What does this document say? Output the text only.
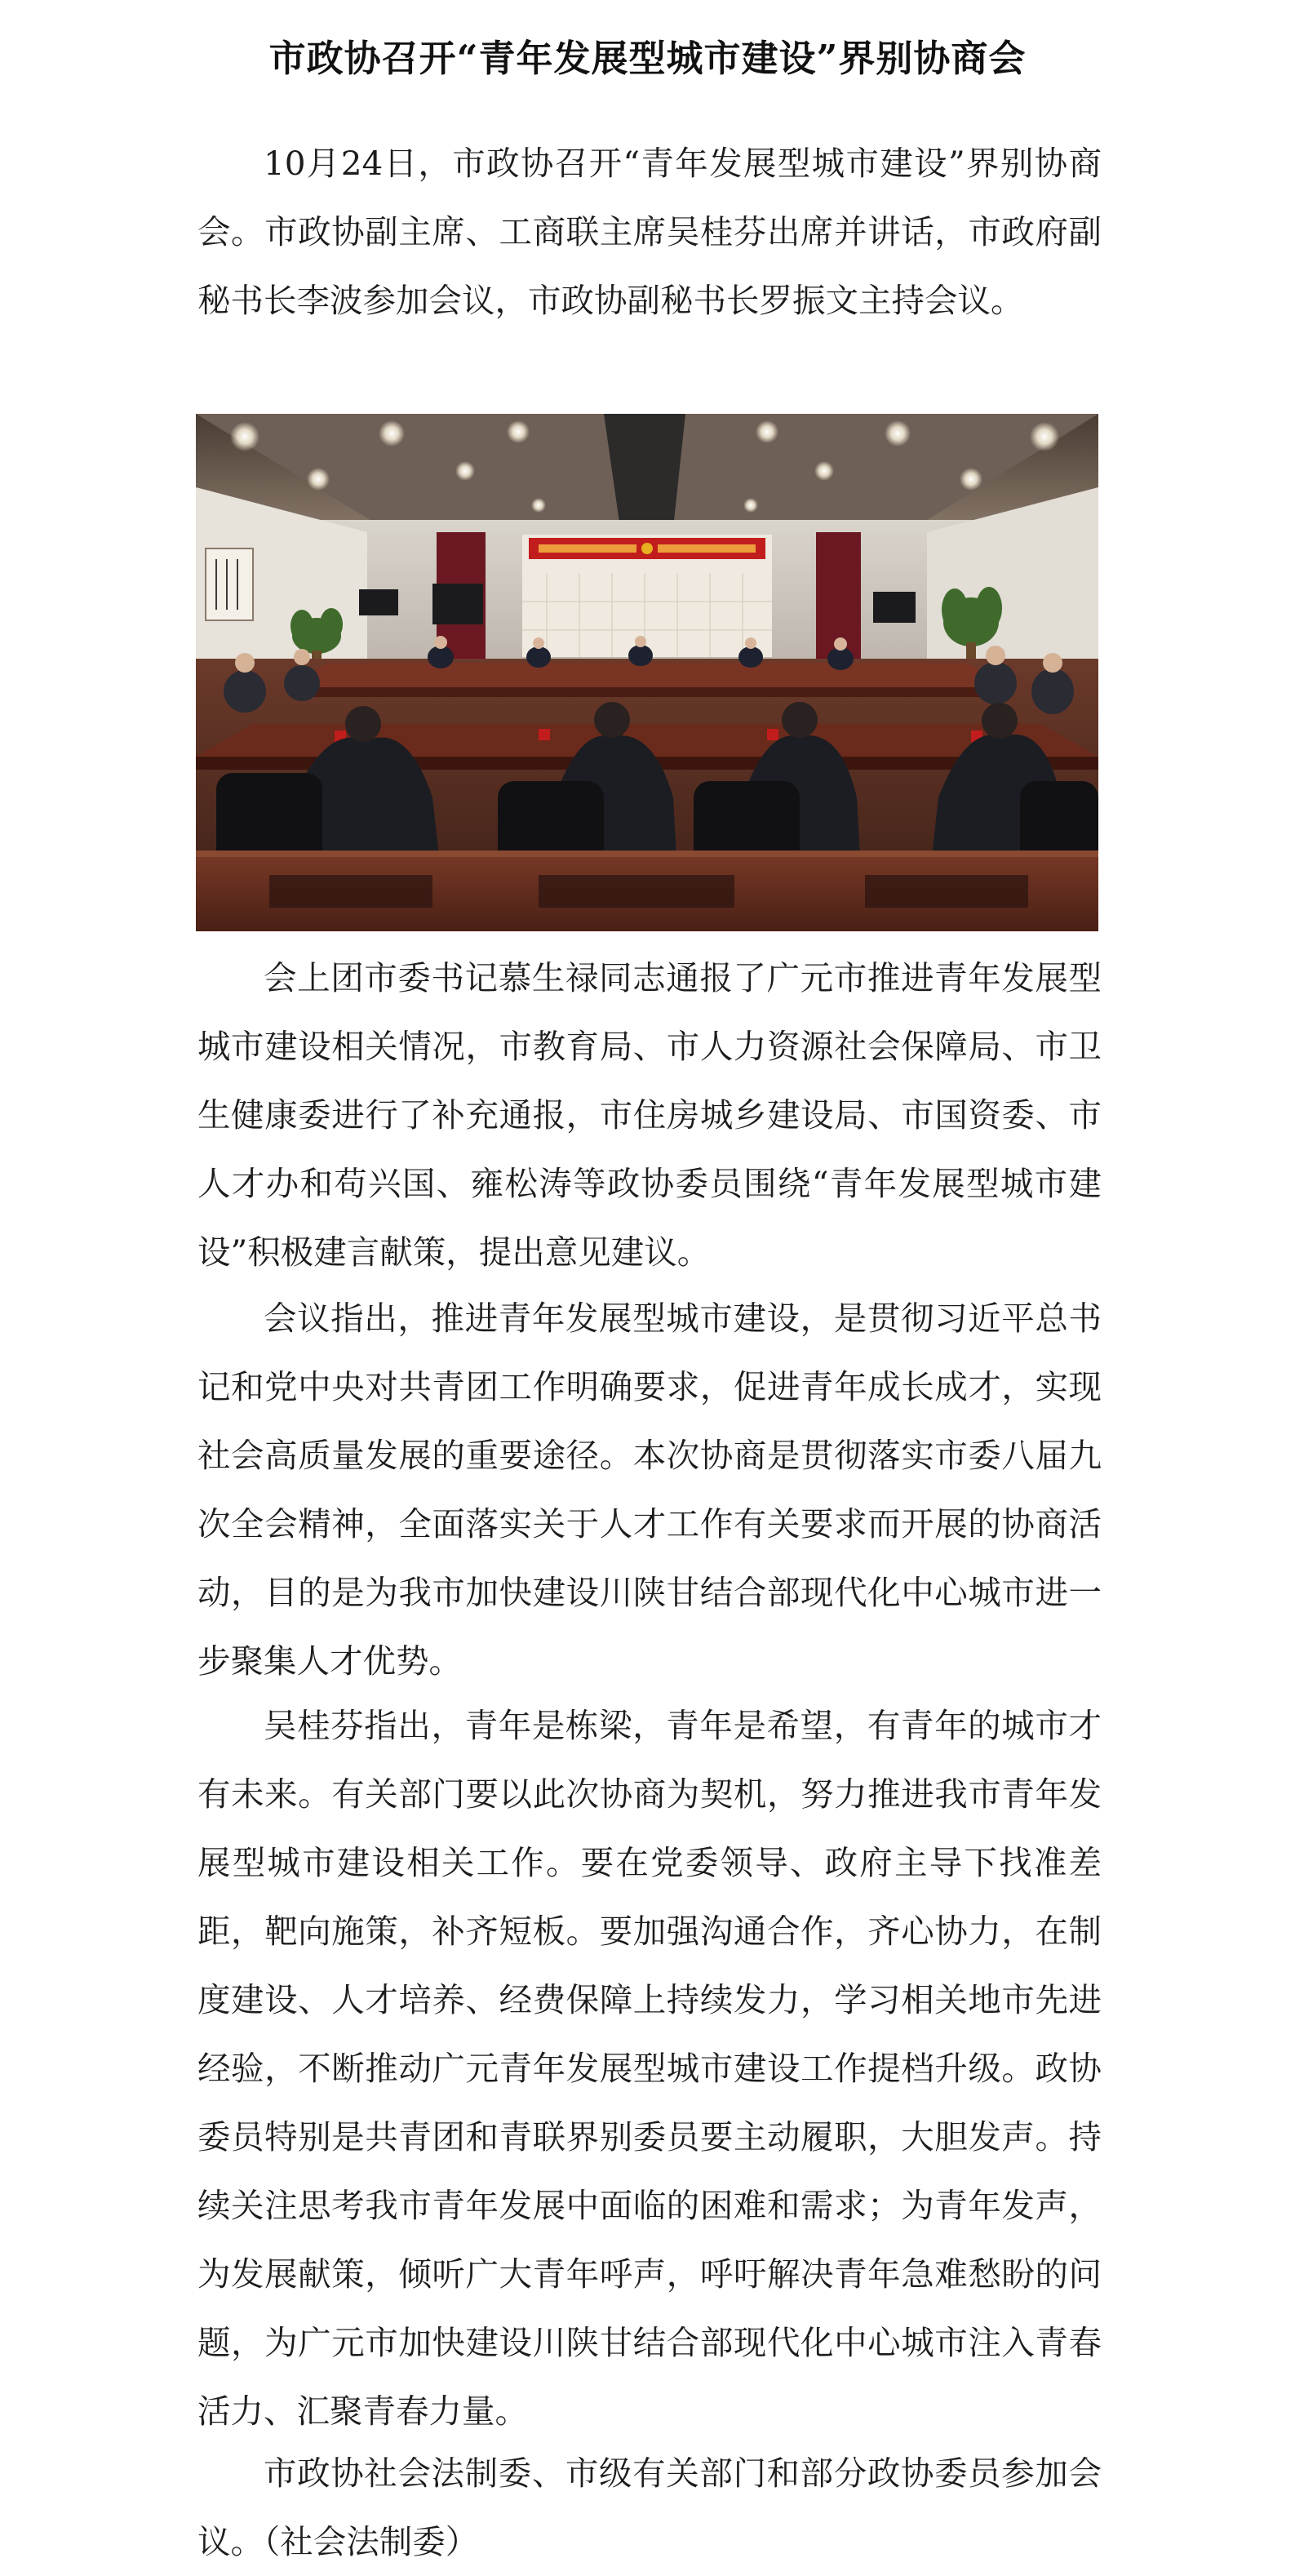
市政协召开“青年发展型城市建设”界别协商会

10月24日，市政协召开“青年发展型城市建设”界别协商会。市政协副主席、工商联主席吴桂芬出席并讲话，市政府副秘书长李波参加会议，市政协副秘书长罗振文主持会议。

会上团市委书记慕生禄同志通报了广元市推进青年发展型城市建设相关情况，市教育局、市人力资源社会保障局、市卫生健康委进行了补充通报，市住房城乡建设局、市国资委、市人才办和苟兴国、雍松涛等政协委员围绕“青年发展型城市建设”积极建言献策，提出意见建议。

会议指出，推进青年发展型城市建设，是贯彻习近平总书记和党中央对共青团工作明确要求，促进青年成长成才，实现社会高质量发展的重要途径。本次协商是贯彻落实市委八届九次全会精神，全面落实关于人才工作有关要求而开展的协商活动，目的是为我市加快建设川陕甘结合部现代化中心城市进一步聚集人才优势。

吴桂芬指出，青年是栋梁，青年是希望，有青年的城市才有未来。有关部门要以此次协商为契机，努力推进我市青年发展型城市建设相关工作。要在党委领导、政府主导下找准差距，靶向施策，补齐短板。要加强沟通合作，齐心协力，在制度建设、人才培养、经费保障上持续发力，学习相关地市先进经验，不断推动广元青年发展型城市建设工作提档升级。政协委员特别是共青团和青联界别委员要主动履职，大胆发声。持续关注思考我市青年发展中面临的困难和需求；为青年发声，为发展献策，倾听广大青年呼声，呼吁解决青年急难愁盼的问题，为广元市加快建设川陕甘结合部现代化中心城市注入青春活力、汇聚青春力量。

市政协社会法制委、市级有关部门和部分政协委员参加会议。（社会法制委）
